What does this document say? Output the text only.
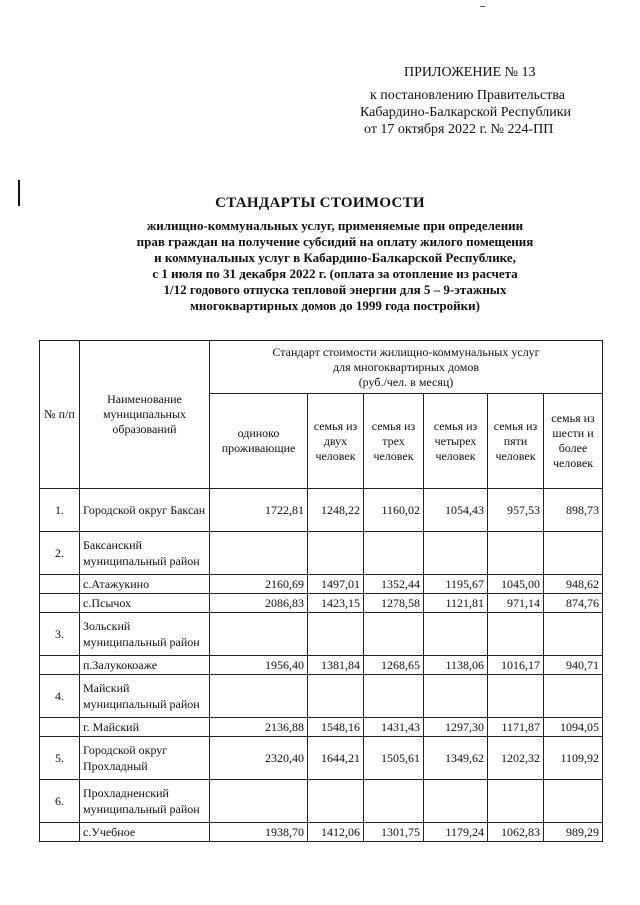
ПРИЛОЖЕНИЕ № 13
к постановлению Правительства
Кабардино-Балкарской Республики
от 17 октября 2022 г. № 224-ПП
СТАНДАРТЫ СТОИМОСТИ
жилищно-коммунальных услуг, применяемые при определении
прав граждан на получение субсидий на оплату жилого помещения
и коммунальных услуг в Кабардино-Балкарской Республике,
с 1 июля по 31 декабря 2022 г. (оплата за отопление из расчета
1/12 годового отпуска тепловой энергии для 5 – 9-этажных
многоквартирных домов до 1999 года постройки)
№ п/п	Наименование муниципальных образований	Стандарт стоимости жилищно-коммунальных услуг
для многоквартирных домов
(руб./чел. в месяц)					

		одиноко проживающие	семья из двух человек	семья из трех человек	семья из четырех человек	семья из пяти человек	семья из шести и более человек
1.	Городской округ Баксан	1722,81	1248,22	1160,02	1054,43	957,53	898,73
2.	Баксанский муниципальный район						
	с.Атажукино	2160,69	1497,01	1352,44	1195,67	1045,00	948,62
	с.Псычох	2086,83	1423,15	1278,58	1121,81	971,14	874,76
3.	Зольский муниципальный район						
	п.Залукокоаже	1956,40	1381,84	1268,65	1138,06	1016,17	940,71
4.	Майский муниципальный район						
	г. Майский	2136,88	1548,16	1431,43	1297,30	1171,87	1094,05
5.	Городской округ Прохладный	2320,40	1644,21	1505,61	1349,62	1202,32	1109,92
6.	Прохладненский муниципальный район						
	с.Учебное	1938,70	1412,06	1301,75	1179,24	1062,83	989,29
